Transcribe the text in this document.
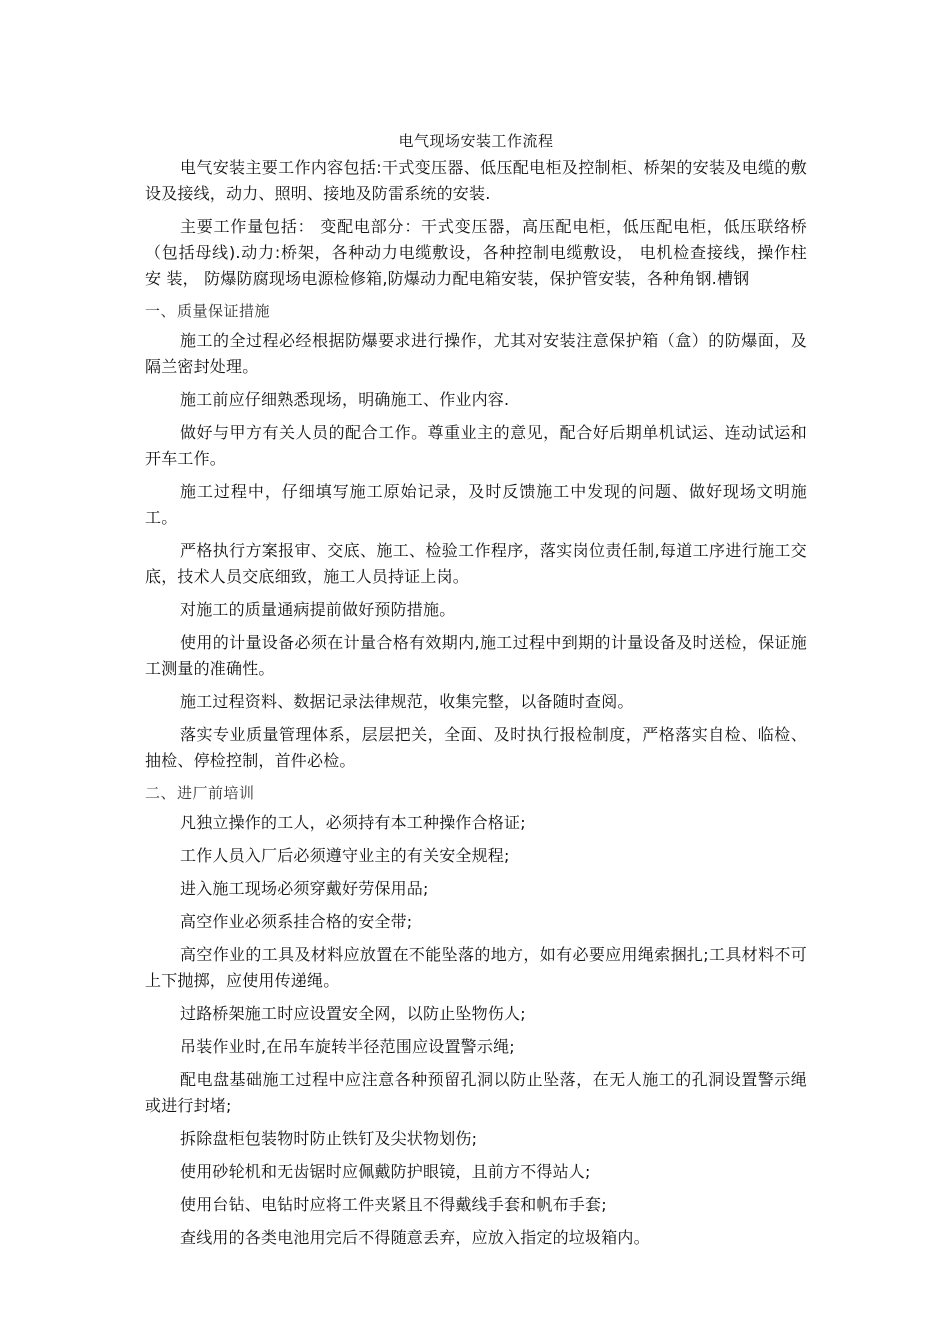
电气现场安装工作流程

电气安装主要工作内容包括:干式变压器、低压配电柜及控制柜、桥架的安装及电缆的敷设及接线，动力、照明、接地及防雷系统的安装.

主要工作量包括： 变配电部分：干式变压器，高压配电柜，低压配电柜，低压联络桥（包括母线).动力:桥架，各种动力电缆敷设，各种控制电缆敷设， 电机检查接线，操作柱　　安 装， 防爆防腐现场电源检修箱,防爆动力配电箱安装，保护管安装，各种角钢.槽钢

一、质量保证措施

施工的全过程必经根据防爆要求进行操作，尤其对安装注意保护箱（盒）的防爆面，及隔兰密封处理。

施工前应仔细熟悉现场，明确施工、作业内容.

做好与甲方有关人员的配合工作。尊重业主的意见，配合好后期单机试运、连动试运和开车工作。

施工过程中，仔细填写施工原始记录，及时反馈施工中发现的问题、做好现场文明施工。

严格执行方案报审、交底、施工、检验工作程序，落实岗位责任制,每道工序进行施工交底，技术人员交底细致，施工人员持证上岗。

对施工的质量通病提前做好预防措施。

使用的计量设备必须在计量合格有效期内,施工过程中到期的计量设备及时送检，保证施工测量的准确性。

施工过程资料、数据记录法律规范，收集完整，以备随时查阅。

落实专业质量管理体系，层层把关，全面、及时执行报检制度，严格落实自检、临检、抽检、停检控制，首件必检。

二、进厂前培训

凡独立操作的工人，必须持有本工种操作合格证;

工作人员入厂后必须遵守业主的有关安全规程;

进入施工现场必须穿戴好劳保用品;

高空作业必须系挂合格的安全带;

高空作业的工具及材料应放置在不能坠落的地方，如有必要应用绳索捆扎;工具材料不可上下抛掷，应使用传递绳。

过路桥架施工时应设置安全网，以防止坠物伤人;

吊装作业时,在吊车旋转半径范围应设置警示绳;

配电盘基础施工过程中应注意各种预留孔洞以防止坠落，在无人施工的孔洞设置警示绳或进行封堵;

拆除盘柜包装物时防止铁钉及尖状物划伤;

使用砂轮机和无齿锯时应佩戴防护眼镜，且前方不得站人;

使用台钻、电钻时应将工件夹紧且不得戴线手套和帆布手套;

查线用的各类电池用完后不得随意丢弃，应放入指定的垃圾箱内。
